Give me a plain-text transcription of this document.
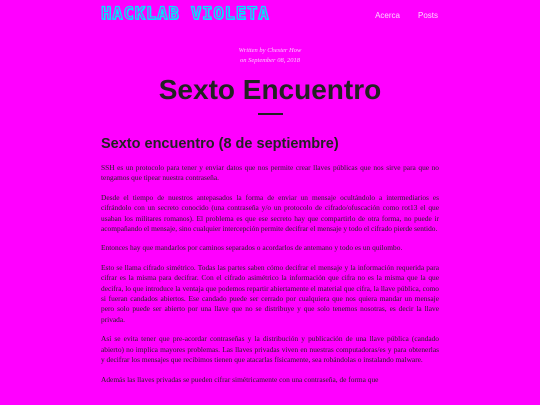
HACKLAB VIOLETA	Acerca Posts
Written by Chester How
on September 08, 2018
Sexto Encuentro
Sexto encuentro (8 de septiembre)

SSH es un protocolo para tener y enviar datos que nos permite crear llaves públicas que nos sirve para que no tengamos que tipear nuestra contraseña.

Desde el tiempo de nuestros antepasados la forma de enviar un mensaje ocultándolo a intermediarios es cifrándolo con un secreto conocido (una contraseña y/o un protocolo de cifrado/ofuscación como rot13 el que usaban los militares romanos). El problema es que ese secreto hay que compartirlo de otra forma, no puede ir acompañando el mensaje, sino cualquier intercepción permite decifrar el mensaje y todo el cifrado pierde sentido.

Entonces hay que mandarlos por caminos separados o acordarlos de antemano y todo es un quilombo.

Esto se llama cifrado simétrico. Todas las partes saben cómo decifrar el mensaje y la información requerida para cifrar es la misma para decifrar. Con el cifrado asimétrico la información que cifra no es la misma que la que decifra, lo que introduce la ventaja que podemos repartir abiertamente el material que cifra, la llave pública, como si fueran candados abiertos. Ese candado puede ser cerrado por cualquiera que nos quiera mandar un mensaje pero solo puede ser abierto por una llave que no se distribuye y que solo tenemos nosotras, es decir la llave privada.

Así se evita tener que pre-acordar contraseñas y la distribución y publicación de una llave pública (candado abierto) no implica mayores problemas. Las llaves privadas viven en nuestras computadoras/es y para obtenerlas y decifrar los mensajes que recibimos tienen que atacarlas físicamente, sea robándolas o instalando malware.

Además las llaves privadas se pueden cifrar simétricamente con una contraseña, de forma que
